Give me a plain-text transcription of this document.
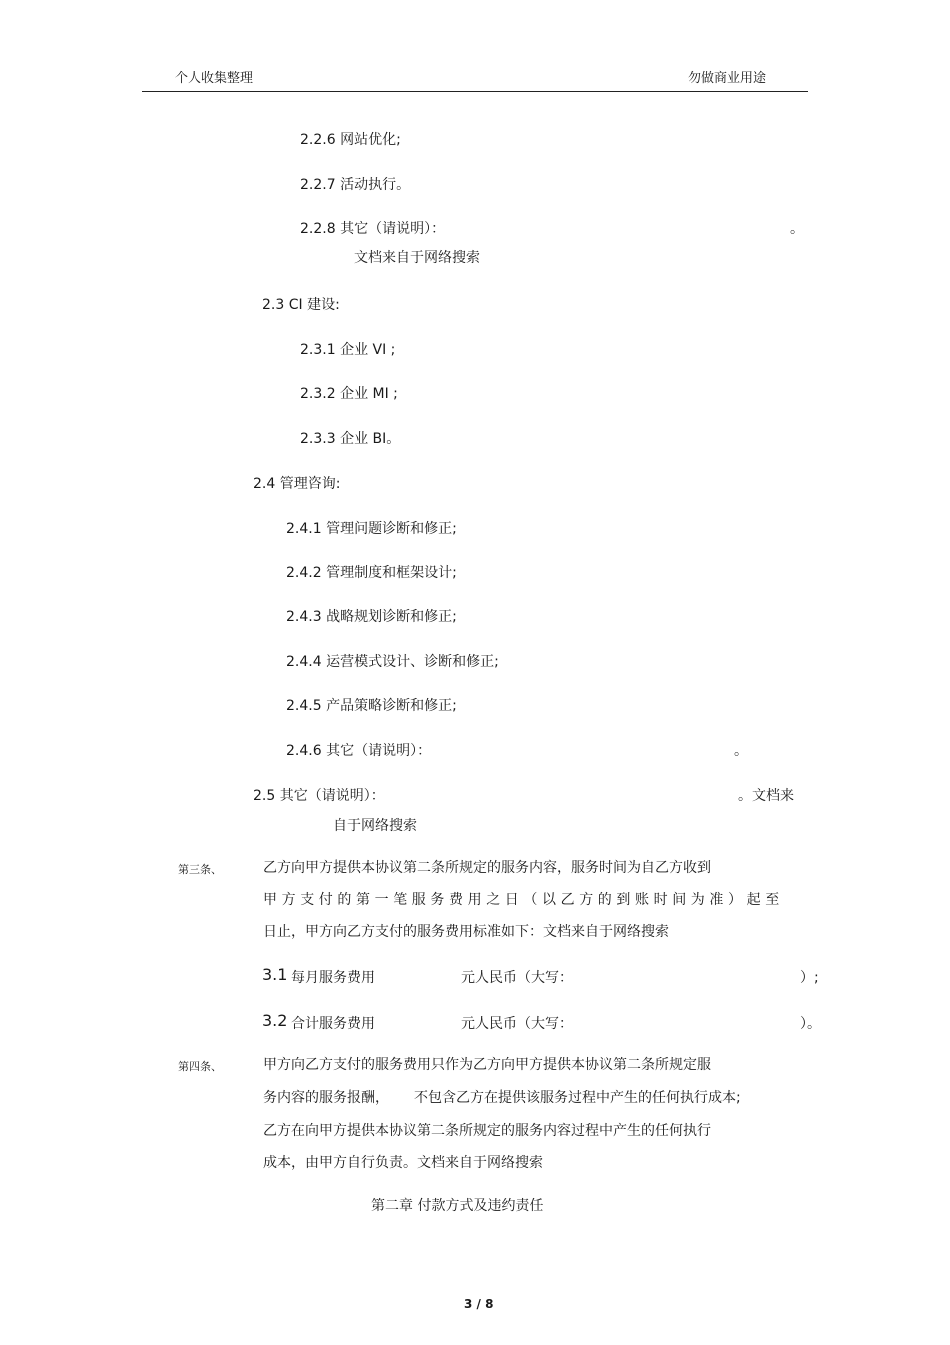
个人收集整理	勿做商业用途
2.2.6 网站优化;
2.2.7 活动执行。
2.2.8 其它（请说明）：	。
文档来自于网络搜索
2.3 CI 建设:
2.3.1 企业 VI ;
2.3.2 企业 MI ;
2.3.3 企业 BI。
2.4 管理咨询:
2.4.1 管理问题诊断和修正;
2.4.2 管理制度和框架设计;
2.4.3 战略规划诊断和修正;
2.4.4 运营模式设计、诊断和修正;
2.4.5 产品策略诊断和修正;
2.4.6 其它（请说明）：	。
2.5 其它（请说明）：	。文档来
自于网络搜索
第三条、	乙方向甲方提供本协议第二条所规定的服务内容，服务时间为自乙方收到
甲方支付的第一笔服务费用之日（以乙方的到账时间为准）起至
日止，甲方向乙方支付的服务费用标准如下：文档来自于网络搜索
3.1 每月服务费用	元人民币（大写：	）;
3.2 合计服务费用	元人民币（大写：	）。
第四条、	甲方向乙方支付的服务费用只作为乙方向甲方提供本协议第二条所规定服
务内容的服务报酬， 不包含乙方在提供该服务过程中产生的任何执行成本;
乙方在向甲方提供本协议第二条所规定的服务内容过程中产生的任何执行
成本，由甲方自行负责。文档来自于网络搜索
第二章 付款方式及违约责任
3 / 8
